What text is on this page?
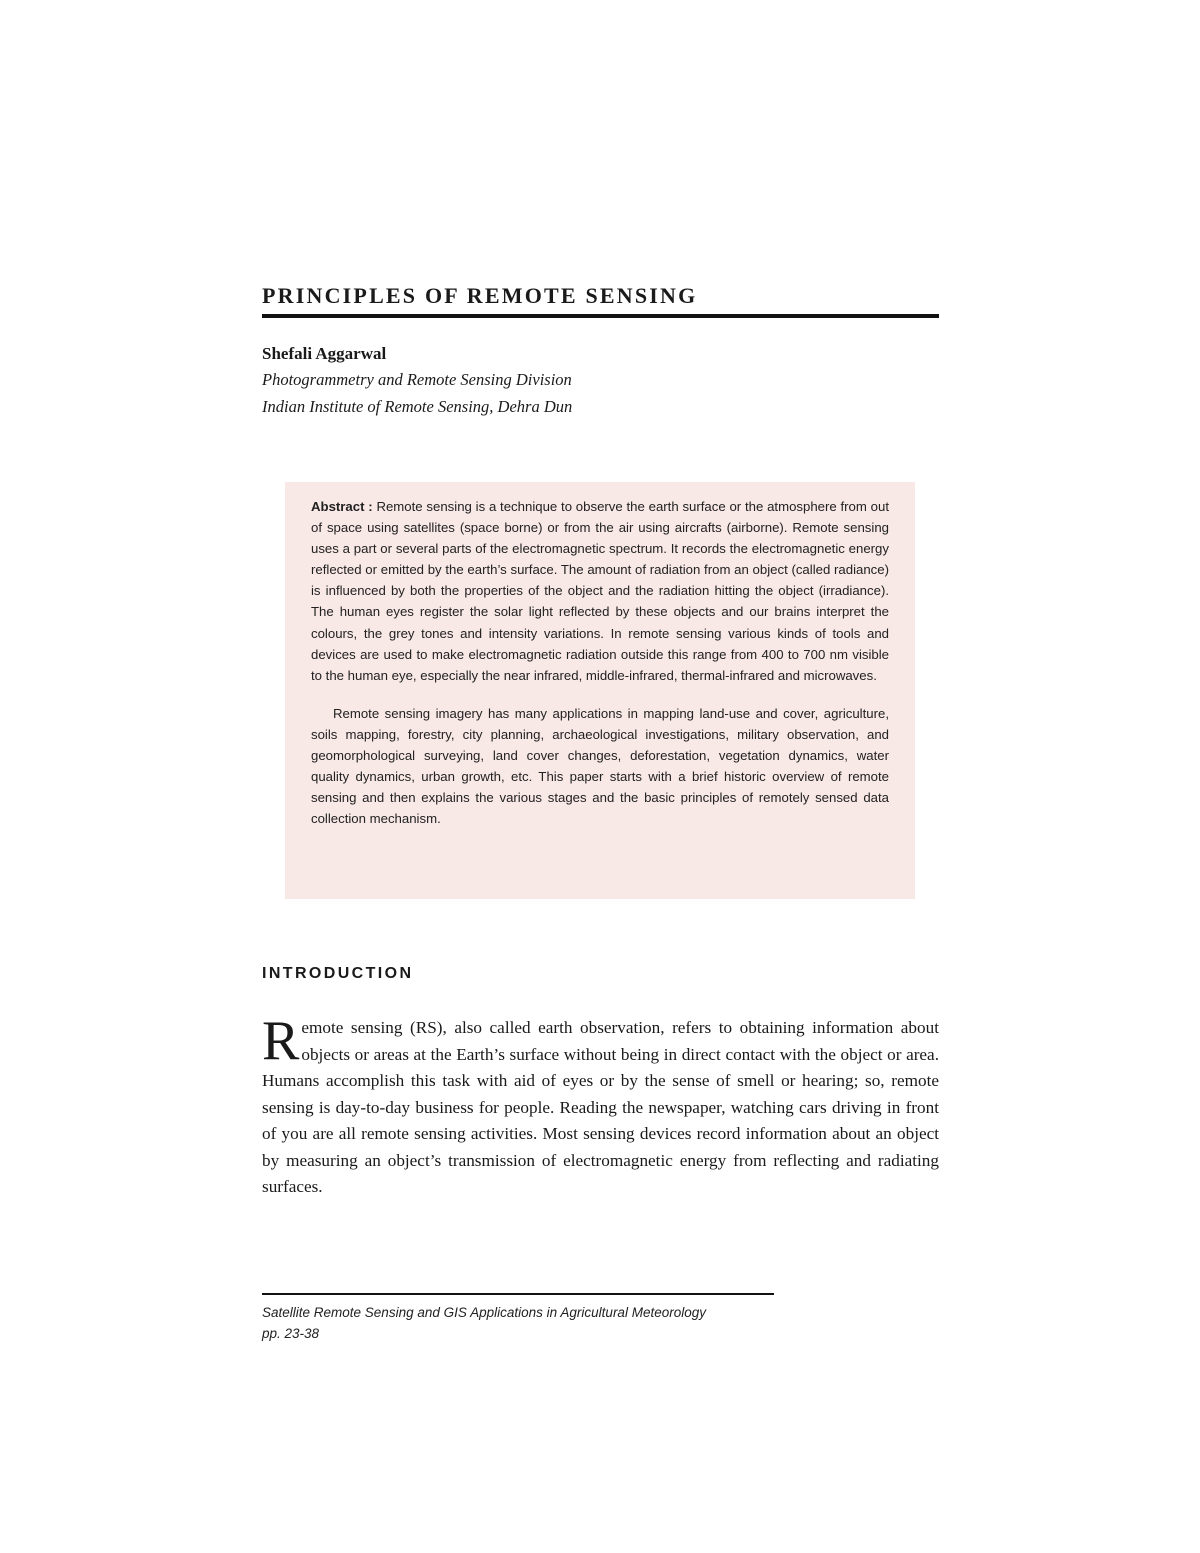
PRINCIPLES OF REMOTE SENSING

Shefali Aggarwal

Photogrammetry and Remote Sensing Division

Indian Institute of Remote Sensing, Dehra Dun

Abstract : Remote sensing is a technique to observe the earth surface or the atmosphere from out of space using satellites (space borne) or from the air using aircrafts (airborne). Remote sensing uses a part or several parts of the electromagnetic spectrum. It records the electromagnetic energy reflected or emitted by the earth’s surface. The amount of radiation from an object (called radiance) is influenced by both the properties of the object and the radiation hitting the object (irradiance). The human eyes register the solar light reflected by these objects and our brains interpret the colours, the grey tones and intensity variations. In remote sensing various kinds of tools and devices are used to make electromagnetic radiation outside this range from 400 to 700 nm visible to the human eye, especially the near infrared, middle-infrared, thermal-infrared and microwaves.

Remote sensing imagery has many applications in mapping land-use and cover, agriculture, soils mapping, forestry, city planning, archaeological investigations, military observation, and geomorphological surveying, land cover changes, deforestation, vegetation dynamics, water quality dynamics, urban growth, etc. This paper starts with a brief historic overview of remote sensing and then explains the various stages and the basic principles of remotely sensed data collection mechanism.

INTRODUCTION

Remote sensing (RS), also called earth observation, refers to obtaining information about objects or areas at the Earth’s surface without being in direct contact with the object or area. Humans accomplish this task with aid of eyes or by the sense of smell or hearing; so, remote sensing is day-to-day business for people. Reading the newspaper, watching cars driving in front of you are all remote sensing activities. Most sensing devices record information about an object by measuring an object’s transmission of electromagnetic energy from reflecting and radiating surfaces.

Satellite Remote Sensing and GIS Applications in Agricultural Meteorology

pp. 23-38
